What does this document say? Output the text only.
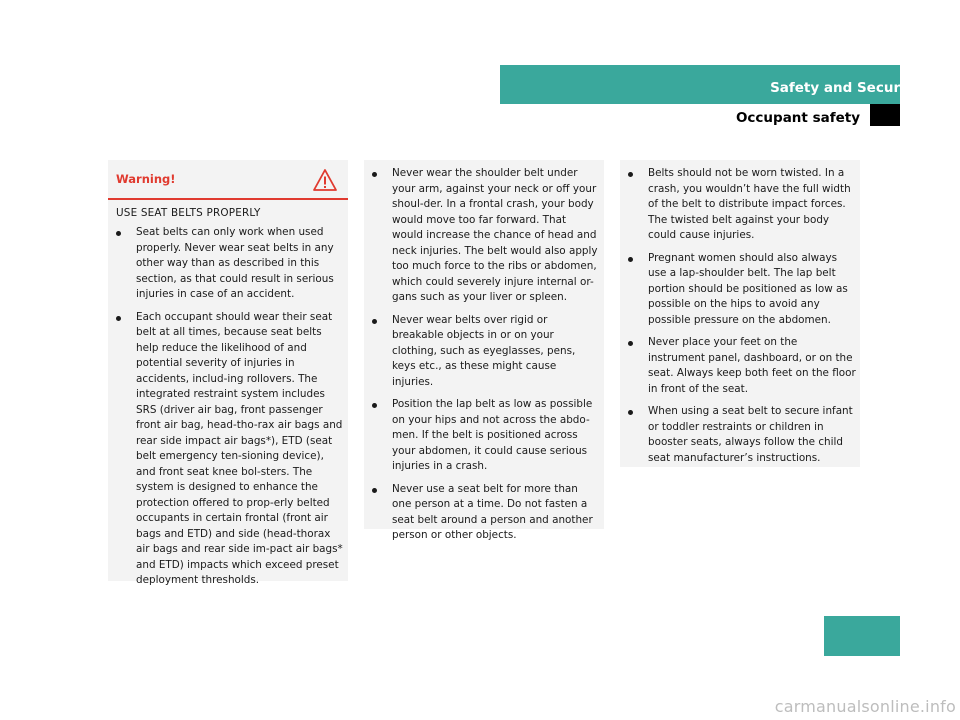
Safety and Security
Occupant safety
Warning!
USE SEAT BELTS PROPERLY
Seat belts can only work when used properly. Never wear seat belts in any other way than as described in this section, as that could result in serious injuries in case of an accident.
Each occupant should wear their seat belt at all times, because seat belts help reduce the likelihood of and potential severity of injuries in accidents, includ-ing rollovers. The integrated restraint system includes SRS (driver air bag, front passenger front air bag, head-tho-rax air bags and rear side impact air bags*), ETD (seat belt emergency ten-sioning device), and front seat knee bol-sters. The system is designed to enhance the protection offered to prop-erly belted occupants in certain frontal (front air bags and ETD) and side (head-thorax air bags and rear side im-pact air bags* and ETD) impacts which exceed preset deployment thresholds.
Never wear the shoulder belt under your arm, against your neck or off your shoul-der. In a frontal crash, your body would move too far forward. That would increase the chance of head and neck injuries. The belt would also apply too much force to the ribs or abdomen, which could severely injure internal or-gans such as your liver or spleen.
Never wear belts over rigid or breakable objects in or on your clothing, such as eyeglasses, pens, keys etc., as these might cause injuries.
Position the lap belt as low as possible on your hips and not across the abdo-men. If the belt is positioned across your abdomen, it could cause serious injuries in a crash.
Never use a seat belt for more than one person at a time. Do not fasten a seat belt around a person and another person or other objects.
Belts should not be worn twisted. In a crash, you wouldn’t have the full width of the belt to distribute impact forces. The twisted belt against your body could cause injuries.
Pregnant women should also always use a lap-shoulder belt. The lap belt portion should be positioned as low as possible on the hips to avoid any possible pressure on the abdomen.
Never place your feet on the instrument panel, dashboard, or on the seat. Always keep both feet on the floor in front of the seat.
When using a seat belt to secure infant or toddler restraints or children in booster seats, always follow the child seat manufacturer’s instructions.
77
carmanualsonline.info
